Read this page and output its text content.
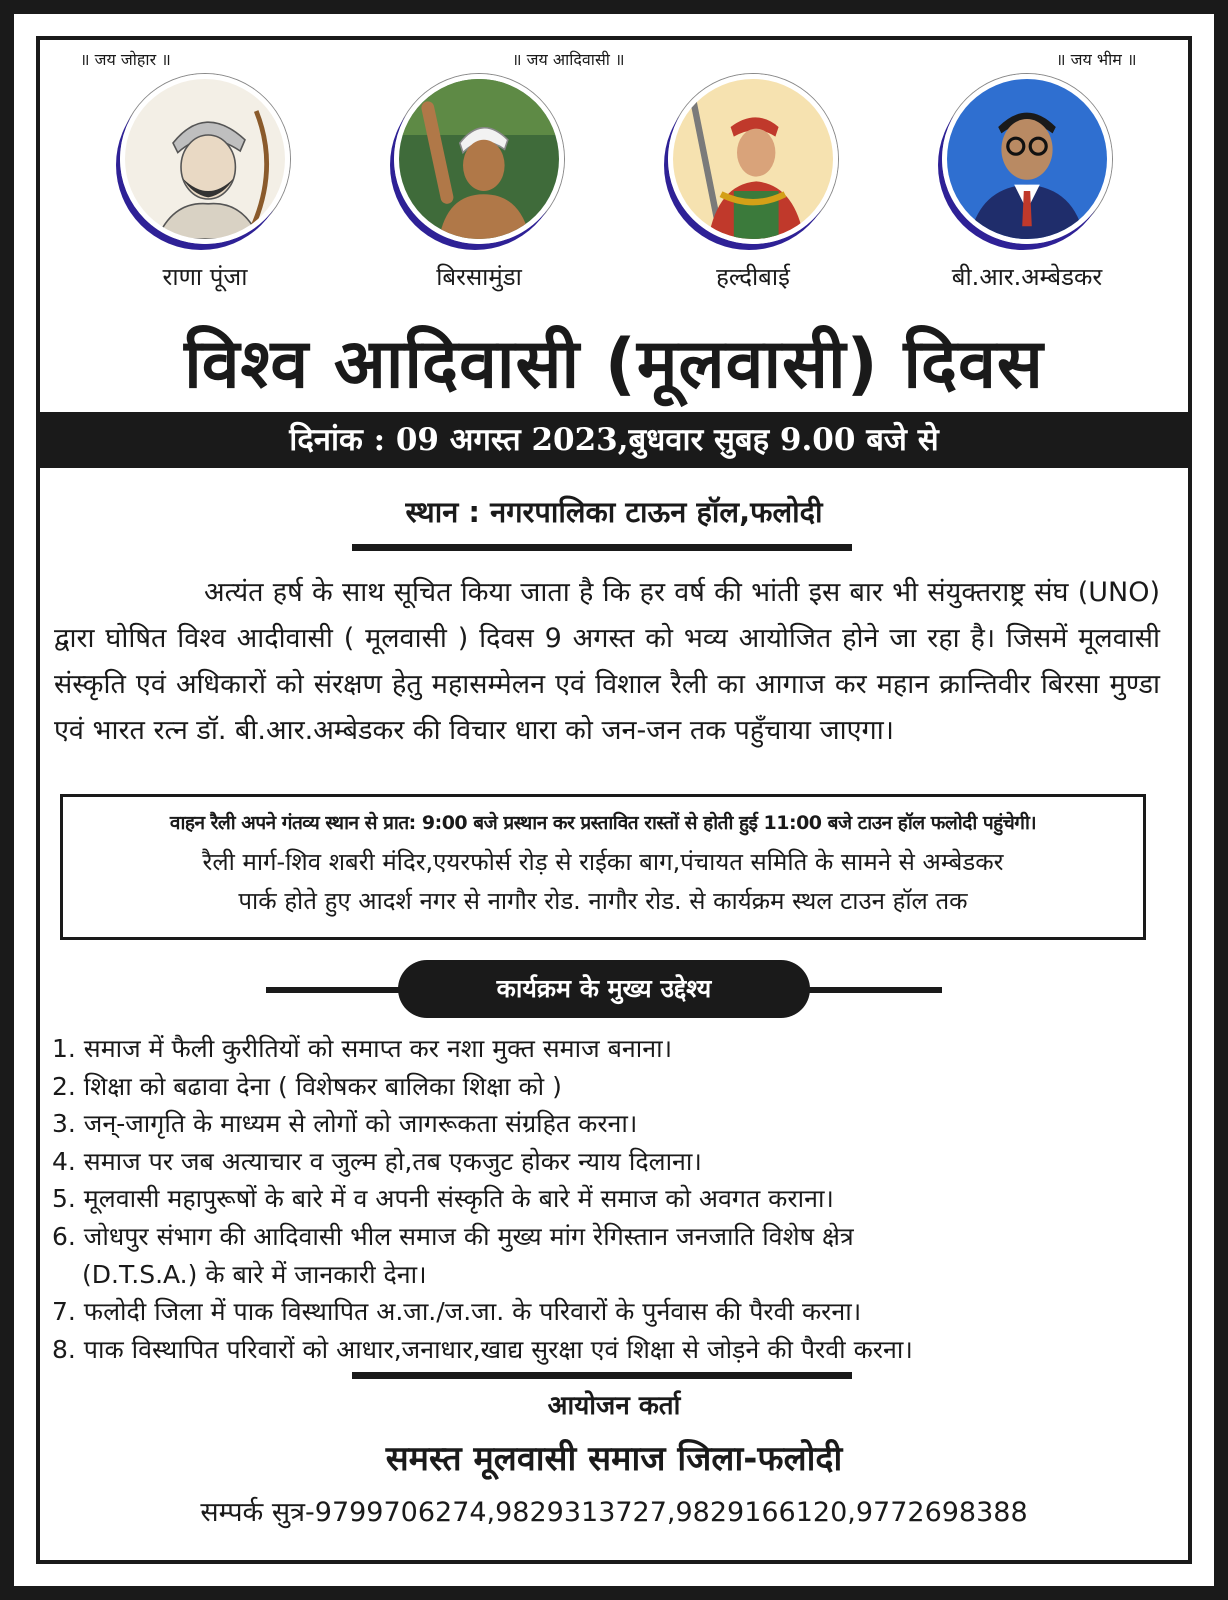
॥ जय जोहार ॥
राणा पूंजा	बिरसामुंडा
॥ जय आदिवासी ॥
हल्दीबाई
॥ जय भीम ॥
बी.आर.अम्बेडकर
विश्व आदिवासी (मूलवासी) दिवस
दिनांक : 09 अगस्त 2023,बुधवार सुबह 9.00 बजे से
स्थान : नगरपालिका टाऊन हॉल,फलोदी
अत्यंत हर्ष के साथ सूचित किया जाता है कि हर वर्ष की भांती इस बार भी संयुक्तराष्ट्र संघ (UNO) द्वारा घोषित विश्व आदीवासी ( मूलवासी ) दिवस 9 अगस्त को भव्य आयोजित होने जा रहा है। जिसमें मूलवासी संस्कृति एवं अधिकारों को संरक्षण हेतु महासम्मेलन एवं विशाल रैली का आगाज कर महान क्रान्तिवीर बिरसा मुण्डा एवं भारत रत्न डॉ. बी.आर.अम्बेडकर की विचार धारा को जन-जन तक पहुँचाया जाएगा।
वाहन रैली अपने गंतव्य स्थान से प्रात: 9:00 बजे प्रस्थान कर प्रस्तावित रास्तों से होती हुई 11:00 बजे टाउन हॉल फलोदी पहुंचेगी।
रैली मार्ग-शिव शबरी मंदिर,एयरफोर्स रोड़ से राईका बाग,पंचायत समिति के सामने से अम्बेडकर
पार्क होते हुए आदर्श नगर से नागौर रोड. नागौर रोड. से कार्यक्रम स्थल टाउन हॉल तक
कार्यक्रम के मुख्य उद्देश्य
1. समाज में फैली कुरीतियों को समाप्त कर नशा मुक्त समाज बनाना।
2. शिक्षा को बढावा देना ( विशेषकर बालिका शिक्षा को )
3. जन्-जागृति के माध्यम से लोगों को जागरूकता संग्रहित करना।
4. समाज पर जब अत्याचार व जुल्म हो,तब एकजुट होकर न्याय दिलाना।
5. मूलवासी महापुरूषों के बारे में व अपनी संस्कृति के बारे में समाज को अवगत कराना।
6. जोधपुर संभाग की आदिवासी भील समाज की मुख्य मांग रेगिस्तान जनजाति विशेष क्षेत्र
(D.T.S.A.) के बारे में जानकारी देना।
7. फलोदी जिला में पाक विस्थापित अ.जा./ज.जा. के परिवारों के पुर्नवास की पैरवी करना।
8. पाक विस्थापित परिवारों को आधार,जनाधार,खाद्य सुरक्षा एवं शिक्षा से जोड़ने की पैरवी करना।
आयोजन कर्ता
समस्त मूलवासी समाज जिला-फलोदी
सम्पर्क सुत्र-9799706274,9829313727,9829166120,9772698388
